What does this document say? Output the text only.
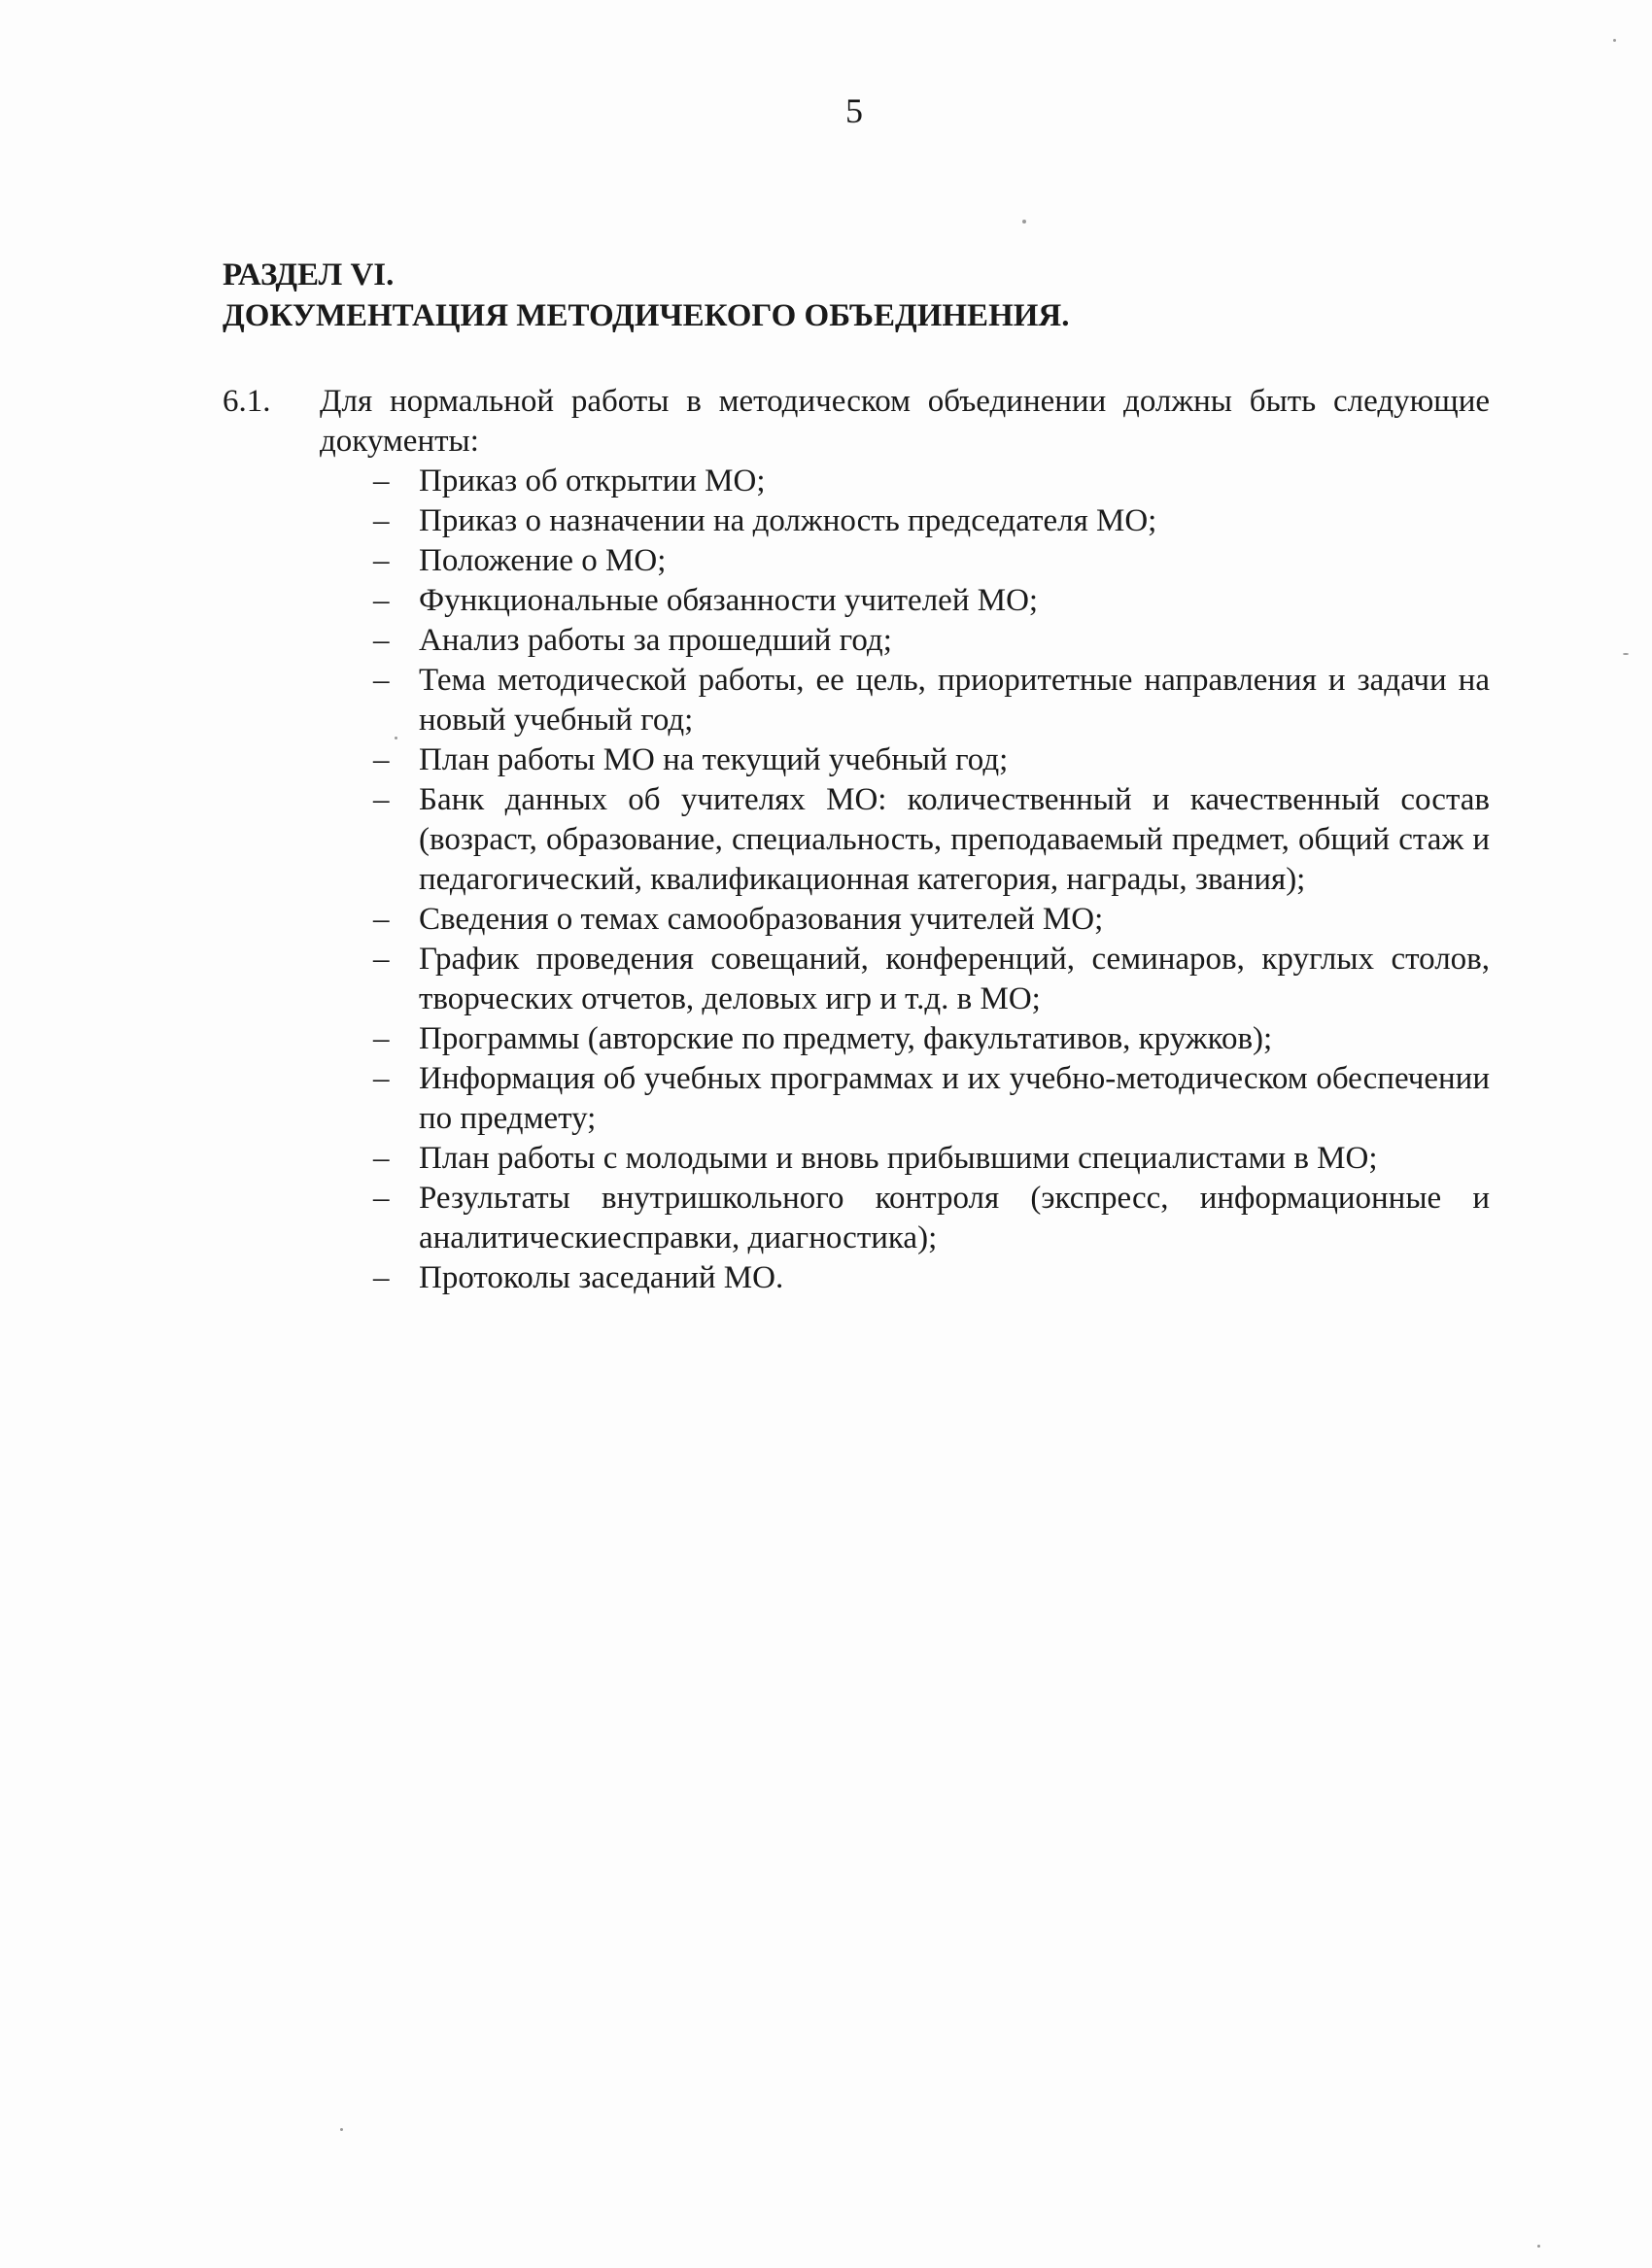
5
РАЗДЕЛ VI.
ДОКУМЕНТАЦИЯ МЕТОДИЧЕКОГО ОБЪЕДИНЕНИЯ.
6.1.	Для нормальной работы в методическом объединении должны быть следующие документы:
– Приказ об открытии МО;
– Приказ о назначении на должность председателя МО;
– Положение о МО;
– Функциональные обязанности учителей МО;
– Анализ работы за прошедший год;
– Тема методической работы, ее цель, приоритетные направления и задачи на новый учебный год;
– План работы МО на текущий учебный год;
– Банк данных об учителях МО: количественный и качественный состав (возраст, образование, специальность, преподаваемый предмет, общий стаж и педагогический, квалификационная категория, награды, звания);
– Сведения о темах самообразования учителей МО;
– График проведения совещаний, конференций, семинаров, круглых столов, творческих отчетов, деловых игр и т.д. в МО;
– Программы (авторские по предмету, факультативов, кружков);
– Информация об учебных программах и их учебно-методическом обеспечении по предмету;
– План работы с молодыми и вновь прибывшими специалистами в МО;
– Результаты внутришкольного контроля (экспресс, информационные и аналитическиесправки, диагностика);
– Протоколы заседаний МО.
